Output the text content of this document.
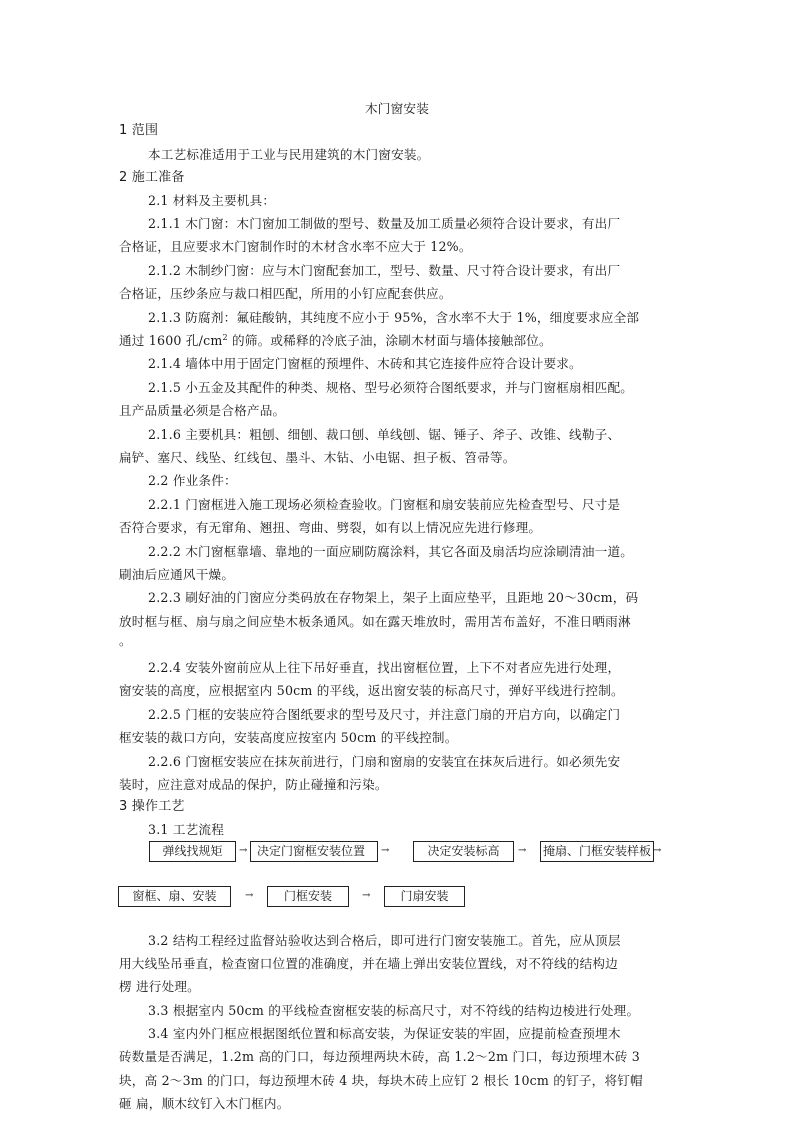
木门窗安装
1 范围
本工艺标准适用于工业与民用建筑的木门窗安装。
2 施工准备
2.1 材料及主要机具：
2.1.1 木门窗：木门窗加工制做的型号、数量及加工质量必须符合设计要求，有出厂
合格证，且应要求木门窗制作时的木材含水率不应大于 12%。
2.1.2 木制纱门窗：应与木门窗配套加工，型号、数量、尺寸符合设计要求，有出厂
合格证，压纱条应与裁口相匹配，所用的小钉应配套供应。
2.1.3 防腐剂：氟硅酸钠，其纯度不应小于 95%，含水率不大于 1%，细度要求应全部
通过 1600 孔$/cm^2$ 的筛。或稀释的冷底子油，涂刷木材面与墙体接触部位。
2.1.4 墙体中用于固定门窗框的预埋件、木砖和其它连接件应符合设计要求。
2.1.5 小五金及其配件的种类、规格、型号必须符合图纸要求，并与门窗框扇相匹配。
且产品质量必须是合格产品。
2.1.6 主要机具：粗刨、细刨、裁口刨、单线刨、锯、锤子、斧子、改锥、线勒子、
扁铲、塞尺、线坠、红线包、墨斗、木钻、小电锯、担子板、笤帚等。
2.2 作业条件：
2.2.1 门窗框进入施工现场必须检查验收。门窗框和扇安装前应先检查型号、尺寸是
否符合要求，有无窜角、翘扭、弯曲、劈裂，如有以上情况应先进行修理。
2.2.2 木门窗框靠墙、靠地的一面应刷防腐涂料，其它各面及扇活均应涂刷清油一道。
刷油后应通风干燥。
2.2.3 刷好油的门窗应分类码放在存物架上，架子上面应垫平，且距地 20～30cm，码
放时框与框、扇与扇之间应垫木板条通风。如在露天堆放时，需用苫布盖好，不准日晒雨淋
。
2.2.4 安装外窗前应从上往下吊好垂直，找出窗框位置，上下不对者应先进行处理，
窗安装的高度，应根据室内 50cm 的平线，返出窗安装的标高尺寸，弹好平线进行控制。
2.2.5 门框的安装应符合图纸要求的型号及尺寸，并注意门扇的开启方向，以确定门
框安装的裁口方向，安装高度应按室内 50cm 的平线控制。
2.2.6 门窗框安装应在抹灰前进行，门扇和窗扇的安装宜在抹灰后进行。如必须先安
装时，应注意对成品的保护，防止碰撞和污染。
3 操作工艺
3.1 工艺流程
弹线找规矩	→ 决定门窗框安装位置	→	决定安装标高	→ 掩扇、门框安装样板 →
窗框、扇、安装	→	门框安装	→	门扇安装
3.2 结构工程经过监督站验收达到合格后，即可进行门窗安装施工。首先，应从顶层
用大线坠吊垂直，检查窗口位置的准确度，并在墙上弹出安装位置线，对不符线的结构边
楞 进行处理。
3.3 根据室内 50cm 的平线检查窗框安装的标高尺寸，对不符线的结构边棱进行处理。
3.4 室内外门框应根据图纸位置和标高安装，为保证安装的牢固，应提前检查预埋木
砖数量是否满足，1.2m 高的门口，每边预埋两块木砖，高 1.2～2m 门口，每边预埋木砖 3
块，高 2～3m 的门口，每边预埋木砖 4 块，每块木砖上应钉 2 根长 10cm 的钉子，将钉帽
砸 扁，顺木纹钉入木门框内。
